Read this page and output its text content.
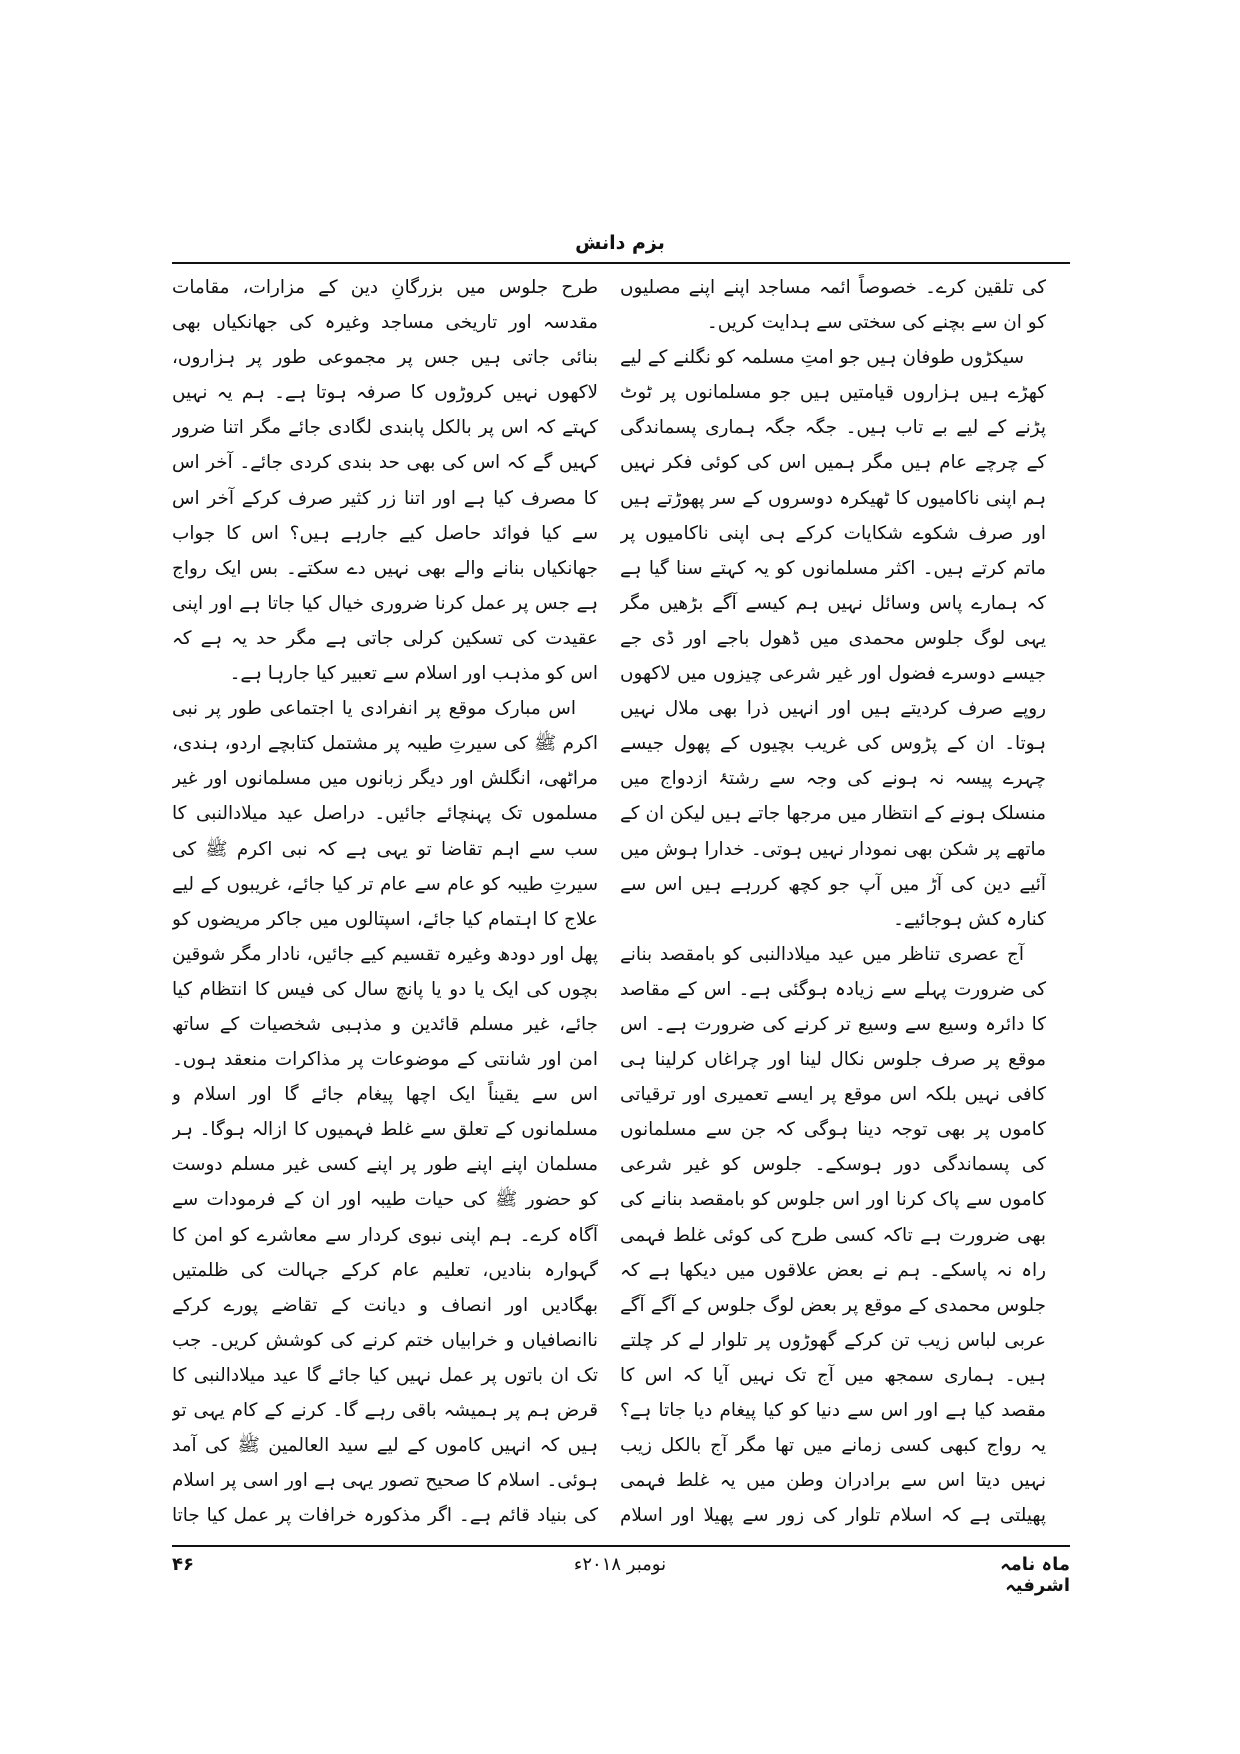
بزم دانش

کی تلقین کرے۔ خصوصاً ائمہ مساجد اپنے اپنے مصلیوں کو ان سے بچنے کی سختی سے ہدایت کریں۔

سیکڑوں طوفان ہیں جو امتِ مسلمہ کو نگلنے کے لیے کھڑے ہیں ہزاروں قیامتیں ہیں جو مسلمانوں پر ٹوٹ پڑنے کے لیے بے تاب ہیں۔ جگہ جگہ ہماری پسماندگی کے چرچے عام ہیں مگر ہمیں اس کی کوئی فکر نہیں ہم اپنی ناکامیوں کا ٹھیکرہ دوسروں کے سر پھوڑتے ہیں اور صرف شکوے شکایات کرکے ہی اپنی ناکامیوں پر ماتم کرتے ہیں۔ اکثر مسلمانوں کو یہ کہتے سنا گیا ہے کہ ہمارے پاس وسائل نہیں ہم کیسے آگے بڑھیں مگر یہی لوگ جلوس محمدی میں ڈھول باجے اور ڈی جے جیسے دوسرے فضول اور غیر شرعی چیزوں میں لاکھوں روپے صرف کردیتے ہیں اور انہیں ذرا بھی ملال نہیں ہوتا۔ ان کے پڑوس کی غریب بچیوں کے پھول جیسے چہرے پیسہ نہ ہونے کی وجہ سے رشتۂ ازدواج میں منسلک ہونے کے انتظار میں مرجھا جاتے ہیں لیکن ان کے ماتھے پر شکن بھی نمودار نہیں ہوتی۔ خدارا ہوش میں آئیے دین کی آڑ میں آپ جو کچھ کررہے ہیں اس سے کنارہ کش ہوجائیے۔

آج عصری تناظر میں عید میلادالنبی کو بامقصد بنانے کی ضرورت پہلے سے زیادہ ہوگئی ہے۔ اس کے مقاصد کا دائرہ وسیع سے وسیع تر کرنے کی ضرورت ہے۔ اس موقع پر صرف جلوس نکال لینا اور چراغاں کرلینا ہی کافی نہیں بلکہ اس موقع پر ایسے تعمیری اور ترقیاتی کاموں پر بھی توجہ دینا ہوگی کہ جن سے مسلمانوں کی پسماندگی دور ہوسکے۔ جلوس کو غیر شرعی کاموں سے پاک کرنا اور اس جلوس کو بامقصد بنانے کی بھی ضرورت ہے تاکہ کسی طرح کی کوئی غلط فہمی راہ نہ پاسکے۔ ہم نے بعض علاقوں میں دیکھا ہے کہ جلوس محمدی کے موقع پر بعض لوگ جلوس کے آگے آگے عربی لباس زیب تن کرکے گھوڑوں پر تلوار لے کر چلتے ہیں۔ ہماری سمجھ میں آج تک نہیں آیا کہ اس کا مقصد کیا ہے اور اس سے دنیا کو کیا پیغام دیا جاتا ہے؟ یہ رواج کبھی کسی زمانے میں تھا مگر آج بالکل زیب نہیں دیتا اس سے برادران وطن میں یہ غلط فہمی پھیلتی ہے کہ اسلام تلوار کی زور سے پھیلا اور اسلام

طرح جلوس میں بزرگانِ دین کے مزارات، مقامات مقدسہ اور تاریخی مساجد وغیرہ کی جھانکیاں بھی بنائی جاتی ہیں جس پر مجموعی طور پر ہزاروں، لاکھوں نہیں کروڑوں کا صرفہ ہوتا ہے۔ ہم یہ نہیں کہتے کہ اس پر بالکل پابندی لگادی جائے مگر اتنا ضرور کہیں گے کہ اس کی بھی حد بندی کردی جائے۔ آخر اس کا مصرف کیا ہے اور اتنا زر کثیر صرف کرکے آخر اس سے کیا فوائد حاصل کیے جارہے ہیں؟ اس کا جواب جھانکیاں بنانے والے بھی نہیں دے سکتے۔ بس ایک رواج ہے جس پر عمل کرنا ضروری خیال کیا جاتا ہے اور اپنی عقیدت کی تسکین کرلی جاتی ہے مگر حد یہ ہے کہ اس کو مذہب اور اسلام سے تعبیر کیا جارہا ہے۔

اس مبارک موقع پر انفرادی یا اجتماعی طور پر نبی اکرم ﷺ کی سیرتِ طیبہ پر مشتمل کتابچے اردو، ہندی، مراٹھی، انگلش اور دیگر زبانوں میں مسلمانوں اور غیر مسلموں تک پہنچائے جائیں۔ دراصل عید میلادالنبی کا سب سے اہم تقاضا تو یہی ہے کہ نبی اکرم ﷺ کی سیرتِ طیبہ کو عام سے عام تر کیا جائے، غریبوں کے لیے علاج کا اہتمام کیا جائے، اسپتالوں میں جاکر مریضوں کو پھل اور دودھ وغیرہ تقسیم کیے جائیں، نادار مگر شوقین بچوں کی ایک یا دو یا پانچ سال کی فیس کا انتظام کیا جائے، غیر مسلم قائدین و مذہبی شخصیات کے ساتھ امن اور شانتی کے موضوعات پر مذاکرات منعقد ہوں۔ اس سے یقیناً ایک اچھا پیغام جائے گا اور اسلام و مسلمانوں کے تعلق سے غلط فہمیوں کا ازالہ ہوگا۔ ہر مسلمان اپنے اپنے طور پر اپنے کسی غیر مسلم دوست کو حضور ﷺ کی حیات طیبہ اور ان کے فرمودات سے آگاہ کرے۔ ہم اپنی نبوی کردار سے معاشرے کو امن کا گہوارہ بنادیں، تعلیم عام کرکے جہالت کی ظلمتیں بھگادیں اور انصاف و دیانت کے تقاضے پورے کرکے ناانصافیاں و خرابیاں ختم کرنے کی کوشش کریں۔ جب تک ان باتوں پر عمل نہیں کیا جائے گا عید میلادالنبی کا قرض ہم پر ہمیشہ باقی رہے گا۔ کرنے کے کام یہی تو ہیں کہ انہیں کاموں کے لیے سید العالمین ﷺ کی آمد ہوئی۔ اسلام کا صحیح تصور یہی ہے اور اسی پر اسلام کی بنیاد قائم ہے۔ اگر مذکورہ خرافات پر عمل کیا جاتا

ماہ نامہ اشرفیہ
نومبر ۲۰۱۸ء
۴۶
